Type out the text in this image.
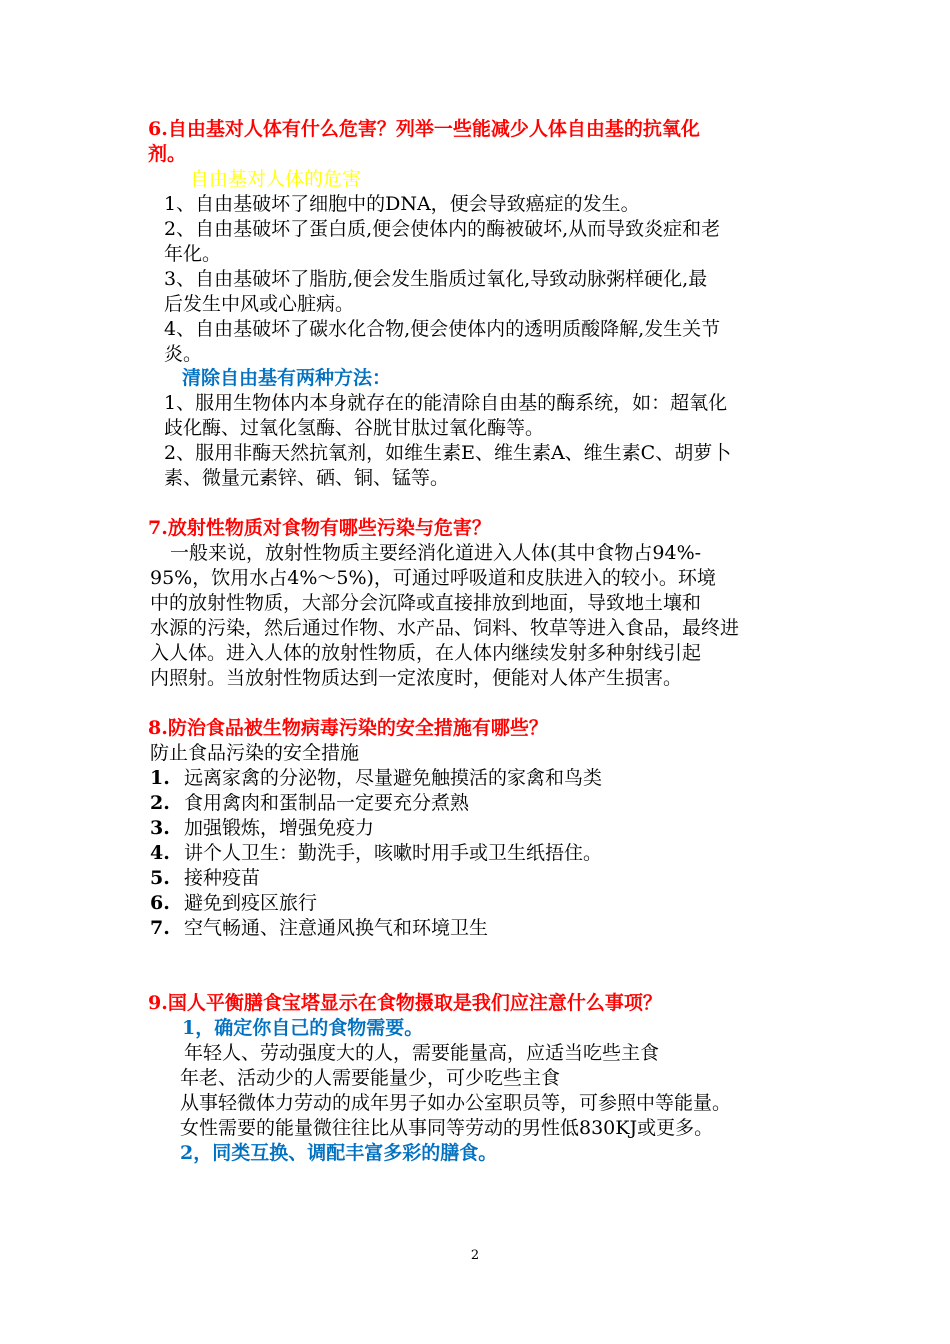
6.自由基对人体有什么危害？列举一些能减少人体自由基的抗氧化
剂。
自由基对人体的危害
1、自由基破坏了细胞中的DNA，便会导致癌症的发生。
2、自由基破坏了蛋白质,便会使体内的酶被破坏,从而导致炎症和老
年化。
3、自由基破坏了脂肪,便会发生脂质过氧化,导致动脉粥样硬化,最
后发生中风或心脏病。
4、自由基破坏了碳水化合物,便会使体内的透明质酸降解,发生关节
炎。
清除自由基有两种方法：
1、服用生物体内本身就存在的能清除自由基的酶系统，如：超氧化
歧化酶、过氧化氢酶、谷胱甘肽过氧化酶等。
2、服用非酶天然抗氧剂，如维生素E、维生素A、维生素C、胡萝卜
素、微量元素锌、硒、铜、锰等。
7.放射性物质对食物有哪些污染与危害？
一般来说，放射性物质主要经消化道进入人体(其中食物占94%-
95%，饮用水占4%～5%)，可通过呼吸道和皮肤进入的较小。环境
中的放射性物质，大部分会沉降或直接排放到地面，导致地土壤和
水源的污染，然后通过作物、水产品、饲料、牧草等进入食品，最终进
入人体。进入人体的放射性物质，在人体内继续发射多种射线引起
内照射。当放射性物质达到一定浓度时，便能对人体产生损害。
8.防治食品被生物病毒污染的安全措施有哪些？
防止食品污染的安全措施
1. 远离家禽的分泌物，尽量避免触摸活的家禽和鸟类
2. 食用禽肉和蛋制品一定要充分煮熟
3. 加强锻炼，增强免疫力
4. 讲个人卫生：勤洗手，咳嗽时用手或卫生纸捂住。
5. 接种疫苗
6. 避免到疫区旅行
7. 空气畅通、注意通风换气和环境卫生
9.国人平衡膳食宝塔显示在食物摄取是我们应注意什么事项？
1，确定你自己的食物需要。
年轻人、劳动强度大的人，需要能量高，应适当吃些主食
年老、活动少的人需要能量少，可少吃些主食
从事轻微体力劳动的成年男子如办公室职员等，可参照中等能量。
女性需要的能量微往往比从事同等劳动的男性低830KJ或更多。
2，同类互换、调配丰富多彩的膳食。
2
